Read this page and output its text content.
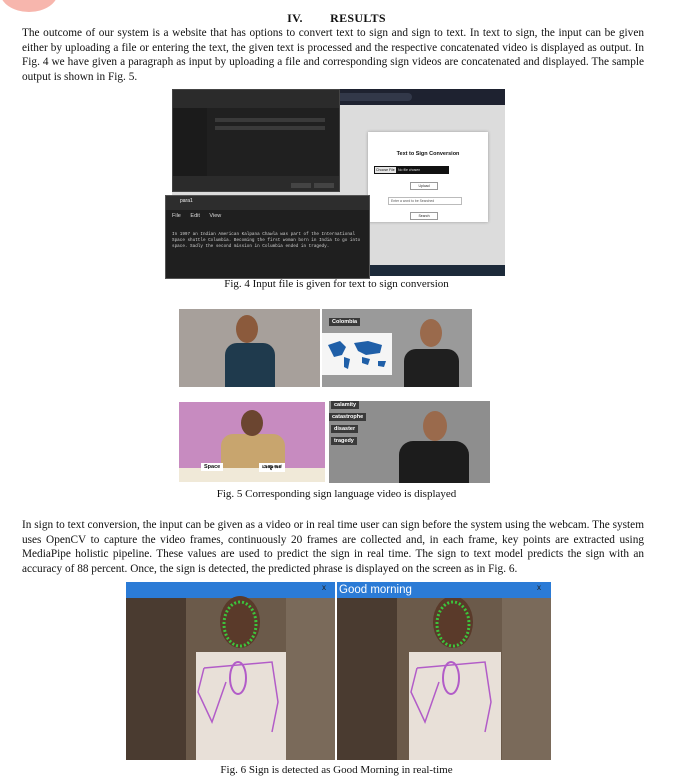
IV. RESULTS
The outcome of our system is a website that has options to convert text to sign and sign to text. In text to sign, the input can be given either by uploading a file or entering the text, the given text is processed and the respective concatenated video is displayed as output. In Fig. 4 we have given a paragraph as input by uploading a file and corresponding sign videos are concatenated and displayed. The sample output is shown in Fig. 5.
Text to Sign Conversion
Choose File No file chosen
Upload
Enter a word to be Searched
Search
para1
File Edit View
In 1997 an Indian American Kalpana Chawla was part of the International Space shuttle Columbia. Becoming the first woman born in India to go into space. Sadly the second mission in Columbia ended in tragedy.
Fig. 4 Input file is given for text to sign conversion
Colombia
Space	ಬಾಹ್ಯಾಕಾಶ
calamity
catastrophe
disaster
tragedy
Fig. 5 Corresponding sign language video is displayed
In sign to text conversion, the input can be given as a video or in real time user can sign before the system using the webcam. The system uses OpenCV to capture the video frames, continuously 20 frames are collected and, in each frame, key points are extracted using MediaPipe holistic pipeline. These values are used to predict the sign in real time. The sign to text model predicts the sign with an accuracy of 88 percent. Once, the sign is detected, the predicted phrase is displayed on the screen as in Fig. 6.
x Good morning	x
Fig. 6 Sign is detected as Good Morning in real-time
